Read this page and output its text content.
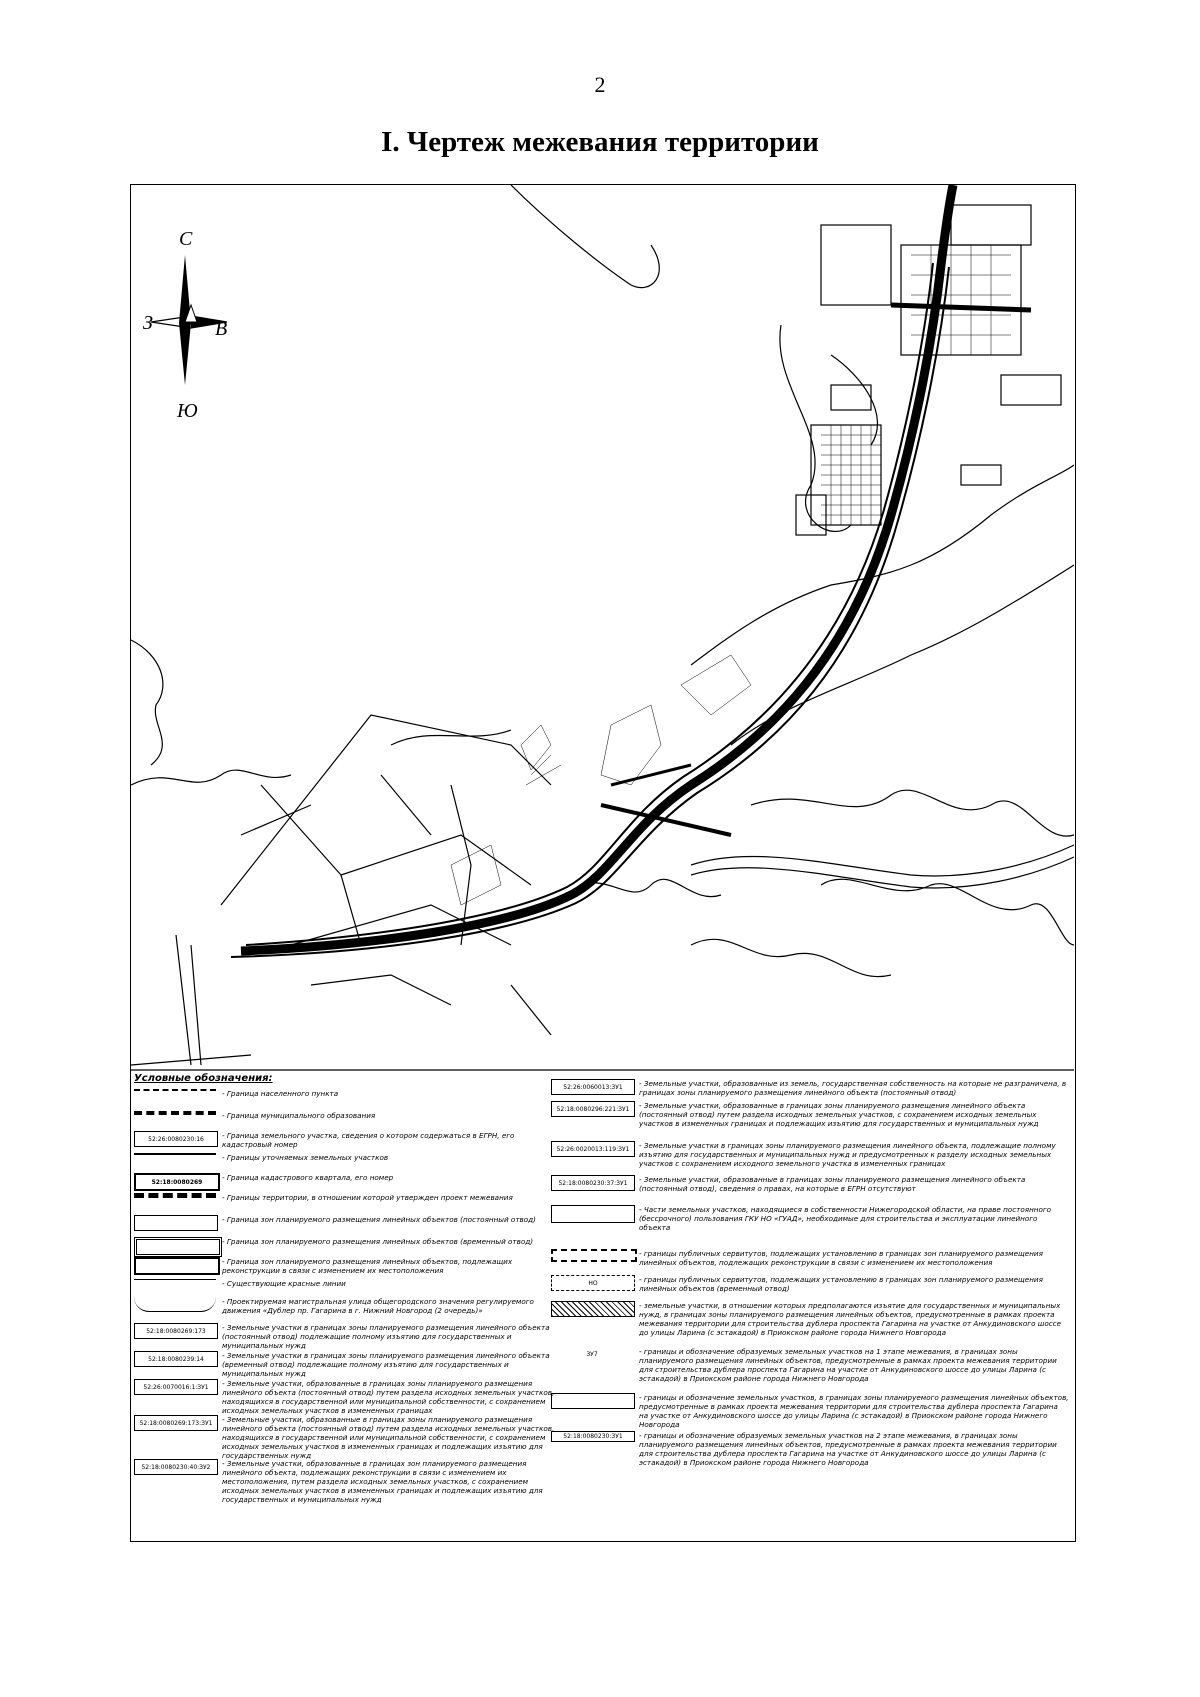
2
I. Чертеж межевания территории
С
Ю
З	В
Условные обозначения:
- Граница населенного пункта
- Граница муниципального образования
52:26:0080230:16	- Граница земельного участка, сведения о котором содержаться в ЕГРН, его кадастровый номер
- Границы уточняемых земельных участков
52:18:0080269	- Граница кадастрового квартала, его номер
- Границы территории, в отношении которой утвержден проект межевания
- Граница зон планируемого размещения линейных объектов (постоянный отвод)
- Граница зон планируемого размещения линейных объектов (временный отвод)
- Граница зон планируемого размещения линейных объектов, подлежащих реконструкции в связи с изменением их местоположения
- Существующие красные линии
- Проектируемая магистральная улица общегородского значения регулируемого движения «Дублер пр. Гагарина в г. Нижний Новгород (2 очередь)»
52:18:0080269:173	- Земельные участки в границах зоны планируемого размещения линейного объекта (постоянный отвод) подлежащие полному изъятию для государственных и муниципальных нужд
52:18:0080239:14	- Земельные участки в границах зоны планируемого размещения линейного объекта (временный отвод) подлежащие полному изъятию для государственных и муниципальных нужд
52:26:0070016:1:ЗУ1	- Земельные участки, образованные в границах зоны планируемого размещения линейного объекта (постоянный отвод) путем раздела исходных земельных участков, находящихся в государственной или муниципальной собственности, с сохранением исходных земельных участков в измененных границах
52:18:0080269:173:ЗУ1	- Земельные участки, образованные в границах зоны планируемого размещения линейного объекта (постоянный отвод) путем раздела исходных земельных участков, находящихся в государственной или муниципальной собственности, с сохранением исходных земельных участков в измененных границах и подлежащих изъятию для государственных нужд
52:18:0080230:40:ЗУ2	- Земельные участки, образованные в границах зон планируемого размещения линейного объекта, подлежащих реконструкции в связи с изменением их местоположения, путем раздела исходных земельных участков, с сохранением исходных земельных участков в измененных границах и подлежащих изъятию для государственных и муниципальных нужд
52:26:0060013:ЗУ1	- Земельные участки, образованные из земель, государственная собственность на которые не разграничена, в границах зоны планируемого размещения линейного объекта (постоянный отвод)
52:18:0080296:221:ЗУ1	- Земельные участки, образованные в границах зоны планируемого размещения линейного объекта (постоянный отвод) путем раздела исходных земельных участков, с сохранением исходных земельных участков в измененных границах и подлежащих изъятию для государственных и муниципальных нужд
52:26:0020013:119:ЗУ1	- Земельные участки в границах зоны планируемого размещения линейного объекта, подлежащие полному изъятию для государственных и муниципальных нужд и предусмотренных к разделу исходных земельных участков с сохранением исходного земельного участка в измененных границах
52:18:0080230:37:ЗУ1	- Земельные участки, образованные в границах зоны планируемого размещения линейного объекта (постоянный отвод), сведения о правах, на которые в ЕГРН отсутствуют
- Части земельных участков, находящиеся в собственности Нижегородской области, на праве постоянного (бессрочного) пользования ГКУ НО «ГУАД», необходимые для строительства и эксплуатации линейного объекта
- границы публичных сервитутов, подлежащих установлению в границах зон планируемого размещения линейных объектов, подлежащих реконструкции в связи с изменением их местоположения
НО	- границы публичных сервитутов, подлежащих установлению в границах зон планируемого размещения линейных объектов (временный отвод)
- земельные участки, в отношении которых предполагаются изъятие для государственных и муниципальных нужд, в границах зоны планируемого размещения линейных объектов, предусмотренные в рамках проекта межевания территории для строительства дублера проспекта Гагарина на участке от Анкудиновского шоссе до улицы Ларина (с эстакадой) в Приокском районе города Нижнего Новгорода
ЗУ7	- границы и обозначение образуемых земельных участков на 1 этапе межевания, в границах зоны планируемого размещения линейных объектов, предусмотренные в рамках проекта межевания территории для строительства дублера проспекта Гагарина на участке от Анкудиновского шоссе до улицы Ларина (с эстакадой) в Приокском районе города Нижнего Новгорода
- границы и обозначение земельных участков, в границах зоны планируемого размещения линейных объектов, предусмотренные в рамках проекта межевания территории для строительства дублера проспекта Гагарина на участке от Анкудиновского шоссе до улицы Ларина (с эстакадой) в Приокском районе города Нижнего Новгорода
52:18:0080230:ЗУ1	- границы и обозначение образуемых земельных участков на 2 этапе межевания, в границах зоны планируемого размещения линейных объектов, предусмотренные в рамках проекта межевания территории для строительства дублера проспекта Гагарина на участке от Анкудиновского шоссе до улицы Ларина (с эстакадой) в Приокском районе города Нижнего Новгорода
